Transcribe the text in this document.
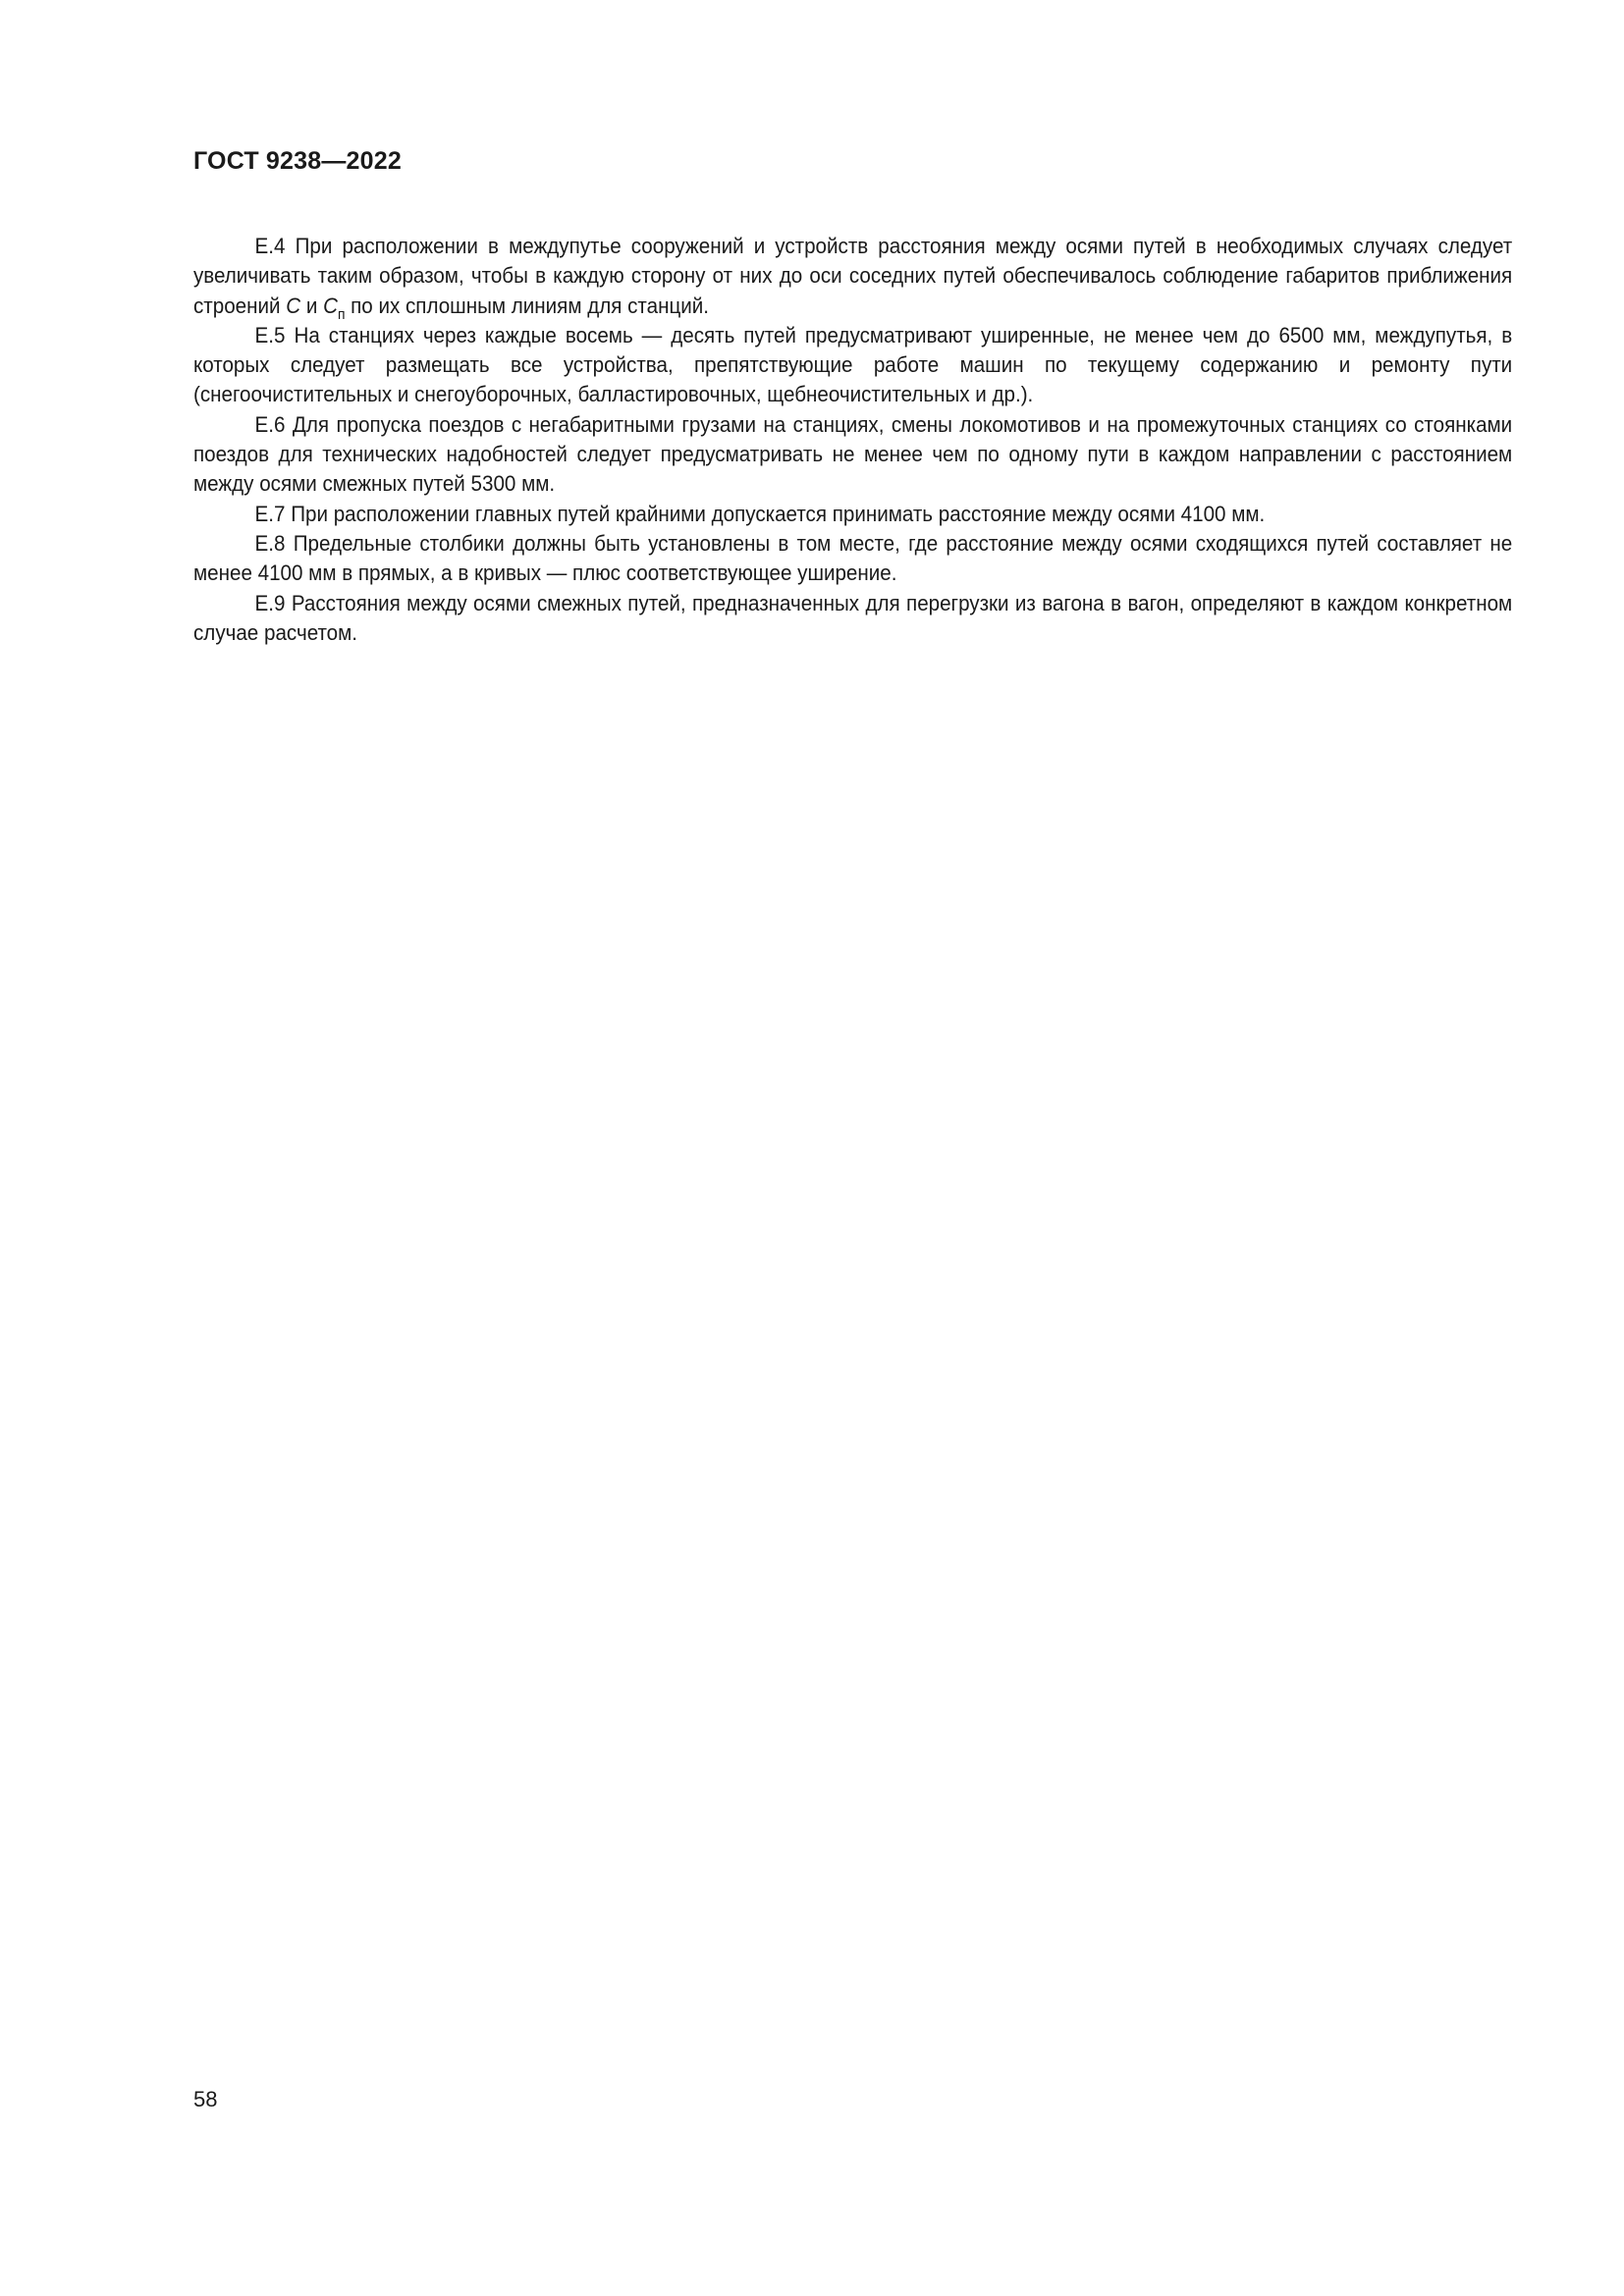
ГОСТ 9238—2022

Е.4 При расположении в междупутье сооружений и устройств расстояния между осями путей в необходимых случаях следует увеличивать таким образом, чтобы в каждую сторону от них до оси соседних путей обеспечивалось соблюдение габаритов приближения строений C и $C_п$ по их сплошным линиям для станций.

Е.5 На станциях через каждые восемь — десять путей предусматривают уширенные, не менее чем до 6500 мм, междупутья, в которых следует размещать все устройства, препятствующие работе машин по текущему содержанию и ремонту пути (снегоочистительных и снегоуборочных, балластировочных, щебнеочистительных и др.).

Е.6 Для пропуска поездов с негабаритными грузами на станциях, смены локомотивов и на промежуточных станциях со стоянками поездов для технических надобностей следует предусматривать не менее чем по одному пути в каждом направлении с расстоянием между осями смежных путей 5300 мм.

Е.7 При расположении главных путей крайними допускается принимать расстояние между осями 4100 мм.

Е.8 Предельные столбики должны быть установлены в том месте, где расстояние между осями сходящихся путей составляет не менее 4100 мм в прямых, а в кривых — плюс соответствующее уширение.

Е.9 Расстояния между осями смежных путей, предназначенных для перегрузки из вагона в вагон, определяют в каждом конкретном случае расчетом.

58
